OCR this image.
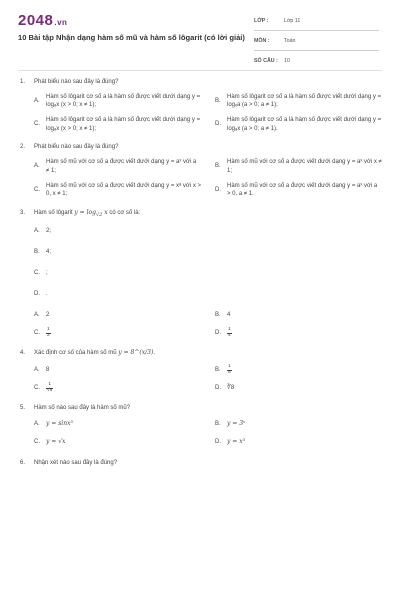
2048.vn
10 Bài tập Nhận dạng hàm số mũ và hàm số lôgarit (có lời giải)
LỚP :	Lớp 11
MÔN :	Toán
SỐ CÂU : 10
1.	Phát biểu nào sau đây là đúng?
A.
Hàm số lôgarit cơ số a là hàm số được viết dưới dạng y = logₐx (x > 0; x ≠ 1);
B.
Hàm số lôgarit cơ số a là hàm số được viết dưới dạng y = logₓa (a > 0; a ≠ 1);
C.
Hàm số lôgarit cơ số a là hàm số được viết dưới dạng y = logₐx (x > 0; x ≠ 1);
D.
Hàm số lôgarit cơ số a là hàm số được viết dưới dạng y = logₐx (a > 0; a ≠ 1).
2.	Phát biểu nào sau đây là đúng?
A.
Hàm số mũ với cơ số a được viết dưới dạng y = aˣ với a ≠ 1;
B.
Hàm số mũ với cơ số a được viết dưới dạng y = aˣ với x ≠ 1;
C.
Hàm số mũ với cơ số a được viết dưới dạng y = xᵃ với x > 0, x ≠ 1;
D.
Hàm số mũ với cơ số a được viết dưới dạng y = aˣ với a > 0, a ≠ 1.
3.	Hàm số lôgarit $y = \log_{√2} x$ có cơ số là:
A.	2;
B.	4;
C.	;
D.	.
A.	2	B.	4
C.	$\frac{1}{2}$	D.	$\frac{1}{4}$
4.	Xác định cơ số của hàm số mũ y = 8^(x/3).
A.	8	B.	$\frac{1}{8}$
C.	$\frac{1}{√8}$	D.	∛8
5.	Hàm số nào sau đây là hàm số mũ?
A.	y = sinx³	B.	y = 3ˣ
C.	y = √x	D.	y = x³
6.	Nhận xét nào sau đây là đúng?
